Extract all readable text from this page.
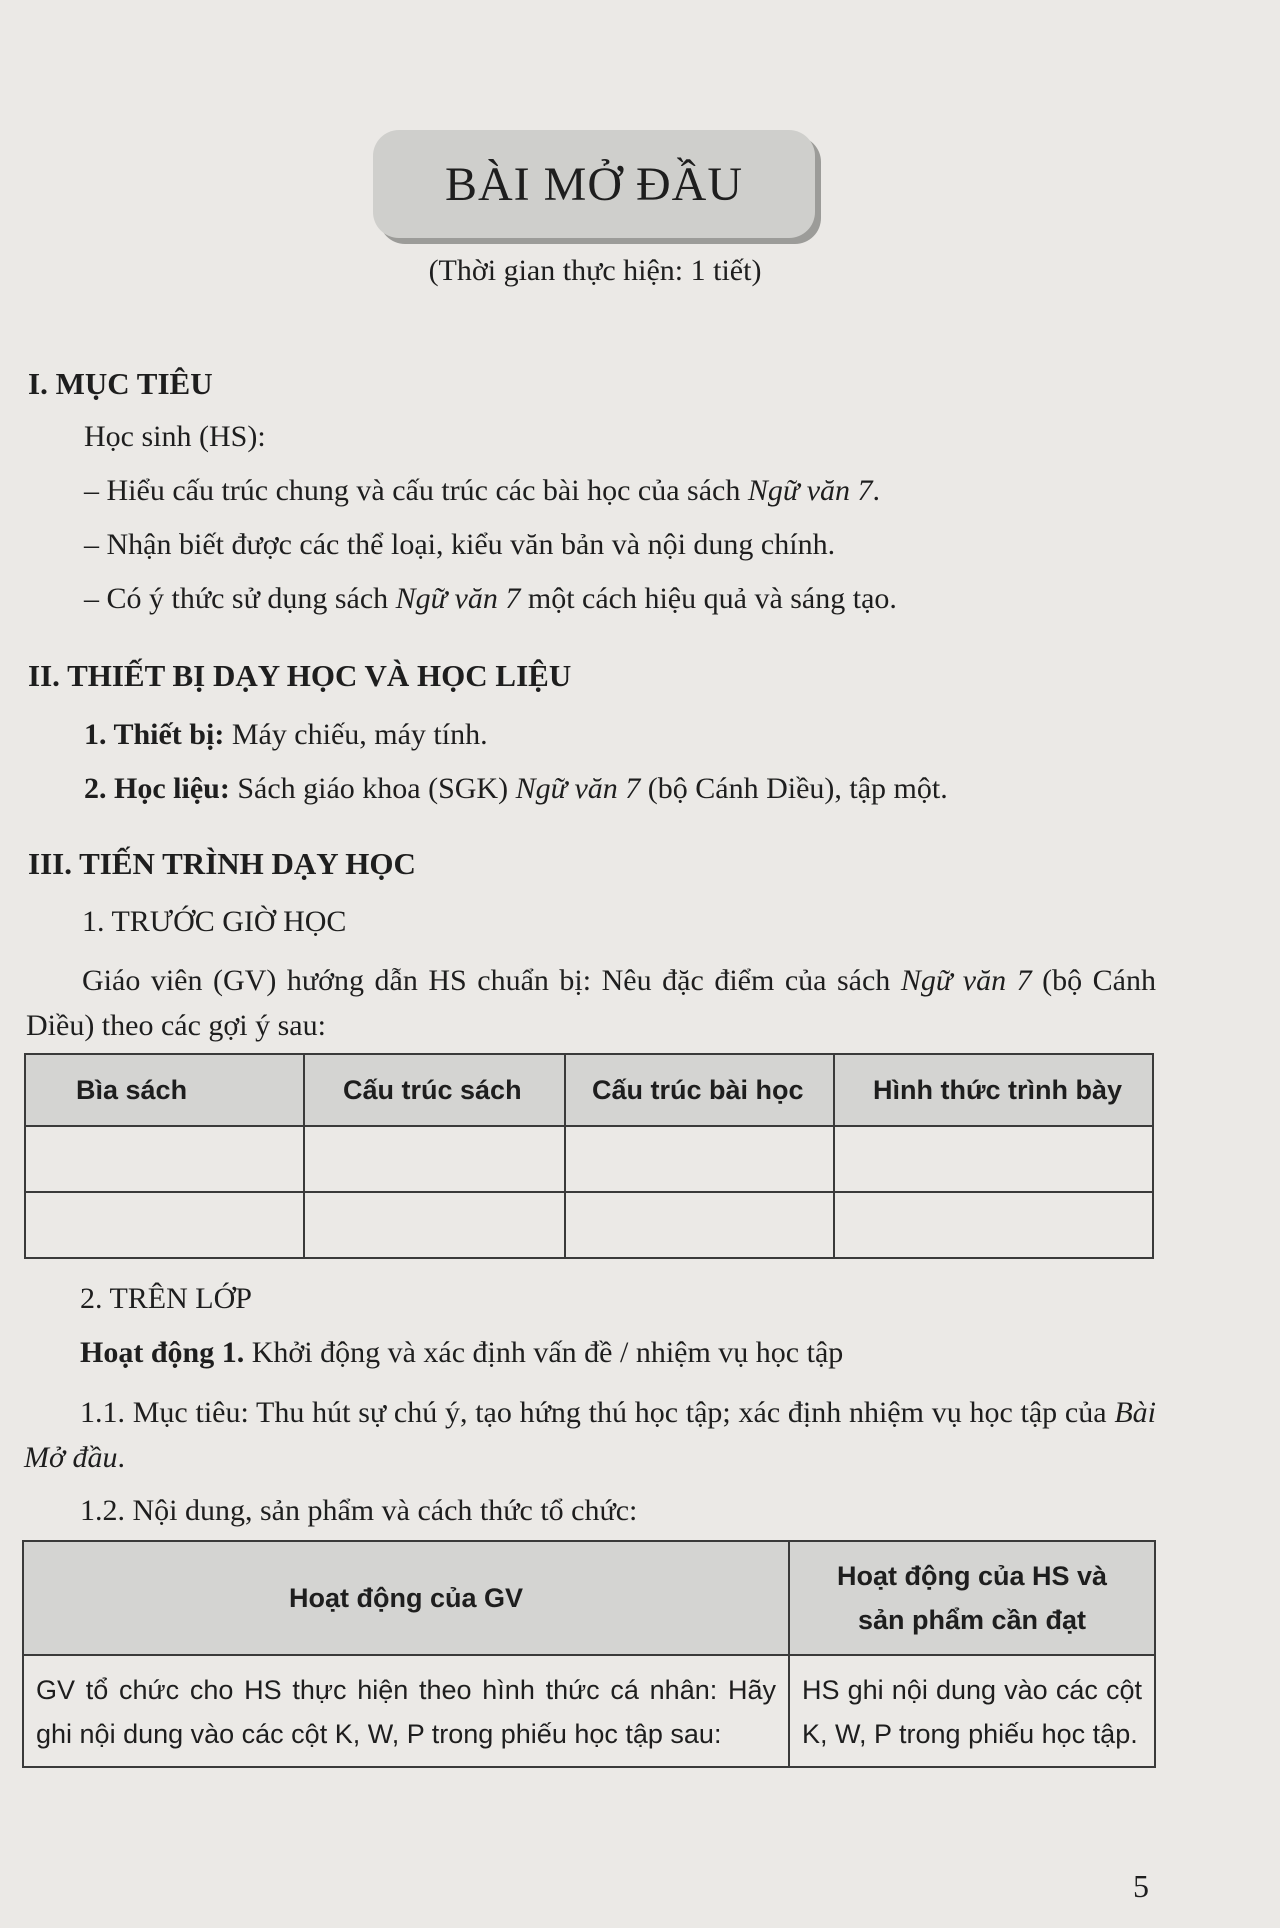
BÀI MỞ ĐẦU
(Thời gian thực hiện: 1 tiết)
I. MỤC TIÊU
Học sinh (HS):
– Hiểu cấu trúc chung và cấu trúc các bài học của sách Ngữ văn 7.
– Nhận biết được các thể loại, kiểu văn bản và nội dung chính.
– Có ý thức sử dụng sách Ngữ văn 7 một cách hiệu quả và sáng tạo.
II. THIẾT BỊ DẠY HỌC VÀ HỌC LIỆU
1. Thiết bị: Máy chiếu, máy tính.
2. Học liệu: Sách giáo khoa (SGK) Ngữ văn 7 (bộ Cánh Diều), tập một.
III. TIẾN TRÌNH DẠY HỌC
1. TRƯỚC GIỜ HỌC
Giáo viên (GV) hướng dẫn HS chuẩn bị: Nêu đặc điểm của sách Ngữ văn 7 (bộ Cánh Diều) theo các gợi ý sau:
Bìa sách	Cấu trúc sách	Cấu trúc bài học	Hình thức trình bày

2. TRÊN LỚP
Hoạt động 1. Khởi động và xác định vấn đề / nhiệm vụ học tập
1.1. Mục tiêu: Thu hút sự chú ý, tạo hứng thú học tập; xác định nhiệm vụ học tập của Bài Mở đầu.
1.2. Nội dung, sản phẩm và cách thức tổ chức:
Hoạt động của GV	Hoạt động của HS và sản phẩm cần đạt
GV tổ chức cho HS thực hiện theo hình thức cá nhân: Hãy ghi nội dung vào các cột K, W, P trong phiếu học tập sau:	HS ghi nội dung vào các cột K, W, P trong phiếu học tập.
5
